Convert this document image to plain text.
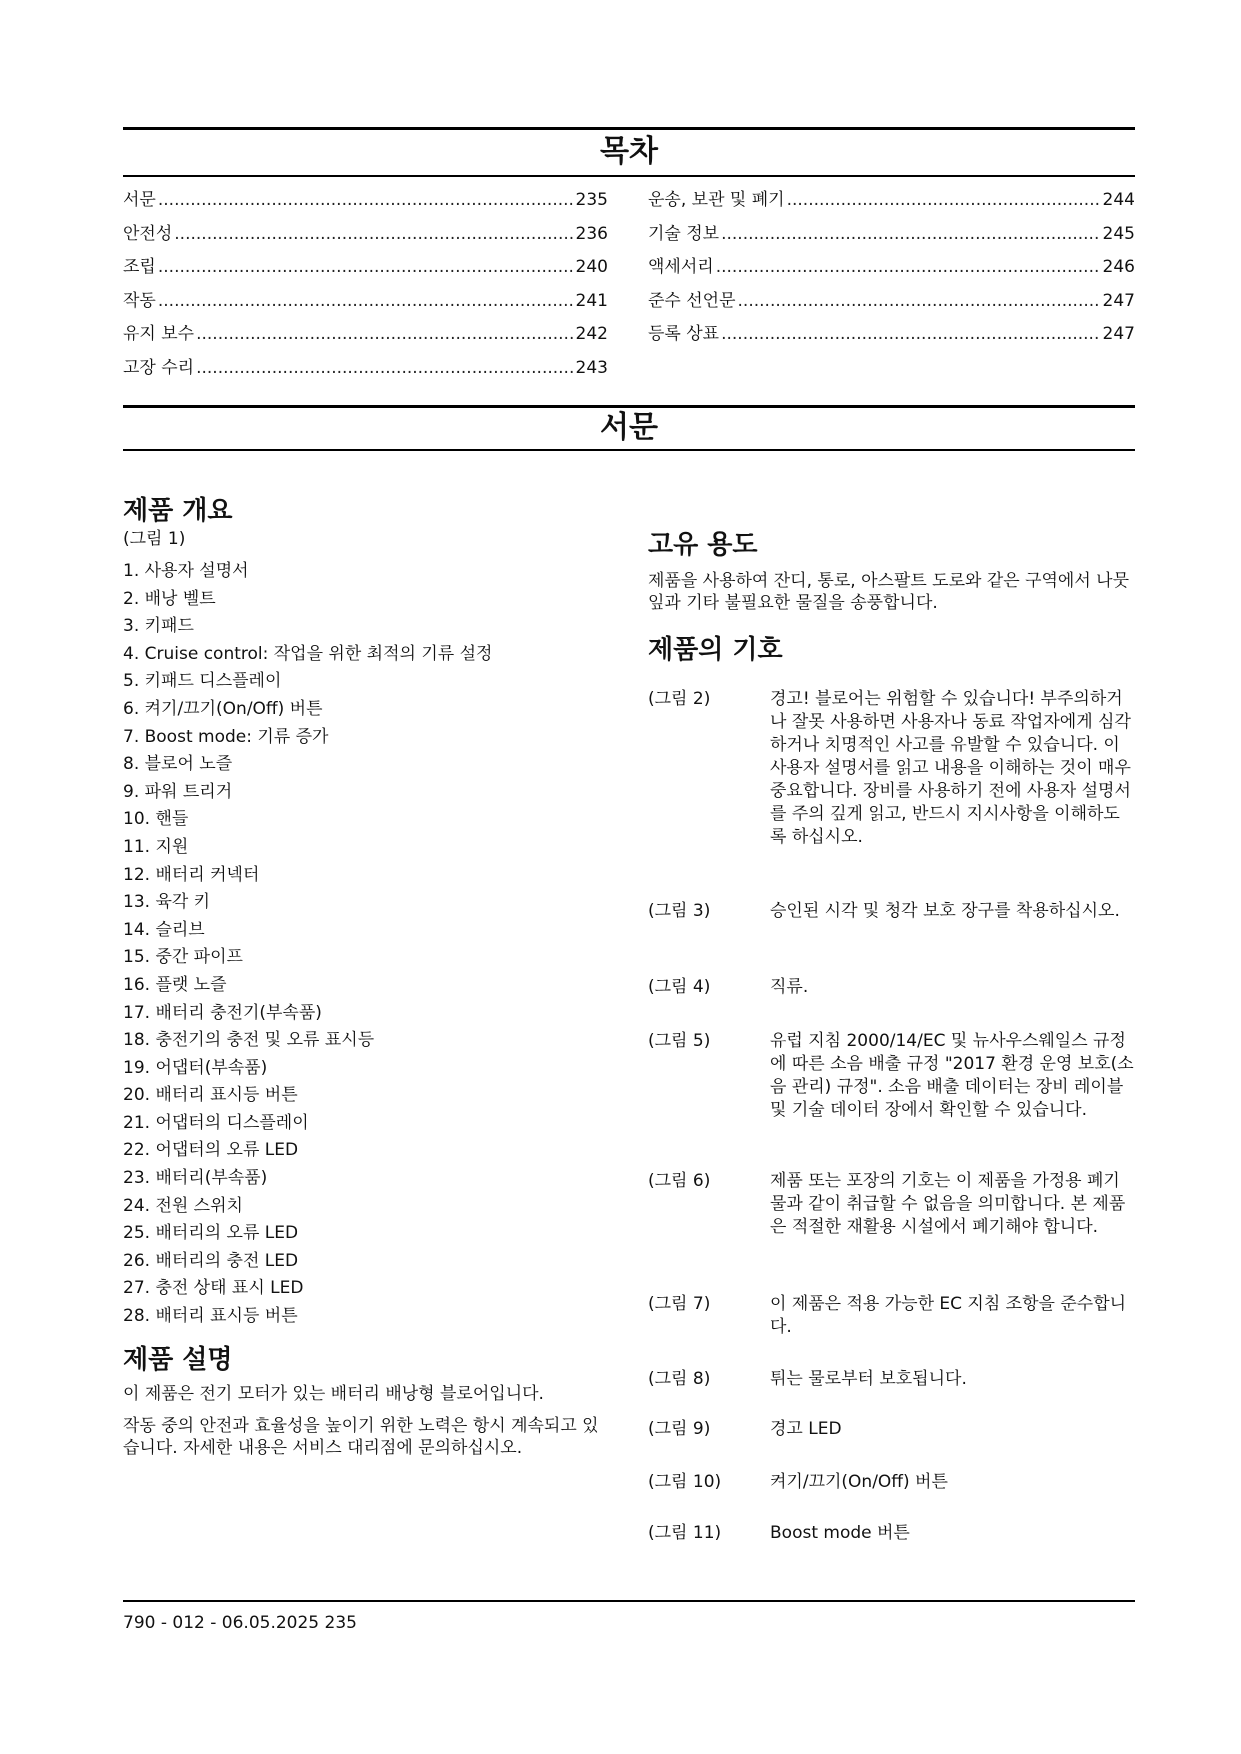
목차
서문 .....	235
안전성 .....	236
조립 .....	240
작동 .....	241
유지 보수 .....	242
고장 수리 .....	243
운송, 보관 및 폐기 .....	244
기술 정보 .....	245
액세서리 .....	246
준수 선언문 .....	247
등록 상표 .....	247
서문
제품 개요
(그림 1)
1. 사용자 설명서
2. 배낭 벨트
3. 키패드
4. Cruise control: 작업을 위한 최적의 기류 설정
5. 키패드 디스플레이
6. 켜기/끄기(On/Off) 버튼
7. Boost mode: 기류 증가
8. 블로어 노즐
9. 파워 트리거
10. 핸들
11. 지원
12. 배터리 커넥터
13. 육각 키
14. 슬리브
15. 중간 파이프
16. 플랫 노즐
17. 배터리 충전기(부속품)
18. 충전기의 충전 및 오류 표시등
19. 어댑터(부속품)
20. 배터리 표시등 버튼
21. 어댑터의 디스플레이
22. 어댑터의 오류 LED
23. 배터리(부속품)
24. 전원 스위치
25. 배터리의 오류 LED
26. 배터리의 충전 LED
27. 충전 상태 표시 LED
28. 배터리 표시등 버튼
제품 설명

이 제품은 전기 모터가 있는 배터리 배낭형 블로어입니다.

작동 중의 안전과 효율성을 높이기 위한 노력은 항시 계속되고 있습니다. 자세한 내용은 서비스 대리점에 문의하십시오.

고유 용도

제품을 사용하여 잔디, 통로, 아스팔트 도로와 같은 구역에서 나뭇잎과 기타 불필요한 물질을 송풍합니다.

제품의 기호
(그림 2)	경고! 블로어는 위험할 수 있습니다! 부주의하거나 잘못 사용하면 사용자나 동료 작업자에게 심각하거나 치명적인 사고를 유발할 수 있습니다. 이 사용자 설명서를 읽고 내용을 이해하는 것이 매우 중요합니다. 장비를 사용하기 전에 사용자 설명서를 주의 깊게 읽고, 반드시 지시사항을 이해하도록 하십시오.
(그림 3)	승인된 시각 및 청각 보호 장구를 착용하십시오.
(그림 4)	직류.
(그림 5)	유럽 지침 2000/14/EC 및 뉴사우스웨일스 규정에 따른 소음 배출 규정 "2017 환경 운영 보호(소음 관리) 규정". 소음 배출 데이터는 장비 레이블 및 기술 데이터 장에서 확인할 수 있습니다.
(그림 6)	제품 또는 포장의 기호는 이 제품을 가정용 폐기물과 같이 취급할 수 없음을 의미합니다. 본 제품은 적절한 재활용 시설에서 폐기해야 합니다.
(그림 7)	이 제품은 적용 가능한 EC 지침 조항을 준수합니다.
(그림 8)	튀는 물로부터 보호됩니다.
(그림 9)	경고 LED
(그림 10)	켜기/끄기(On/Off) 버튼
(그림 11)	Boost mode 버튼
790 - 012 - 06.05.2025 235
